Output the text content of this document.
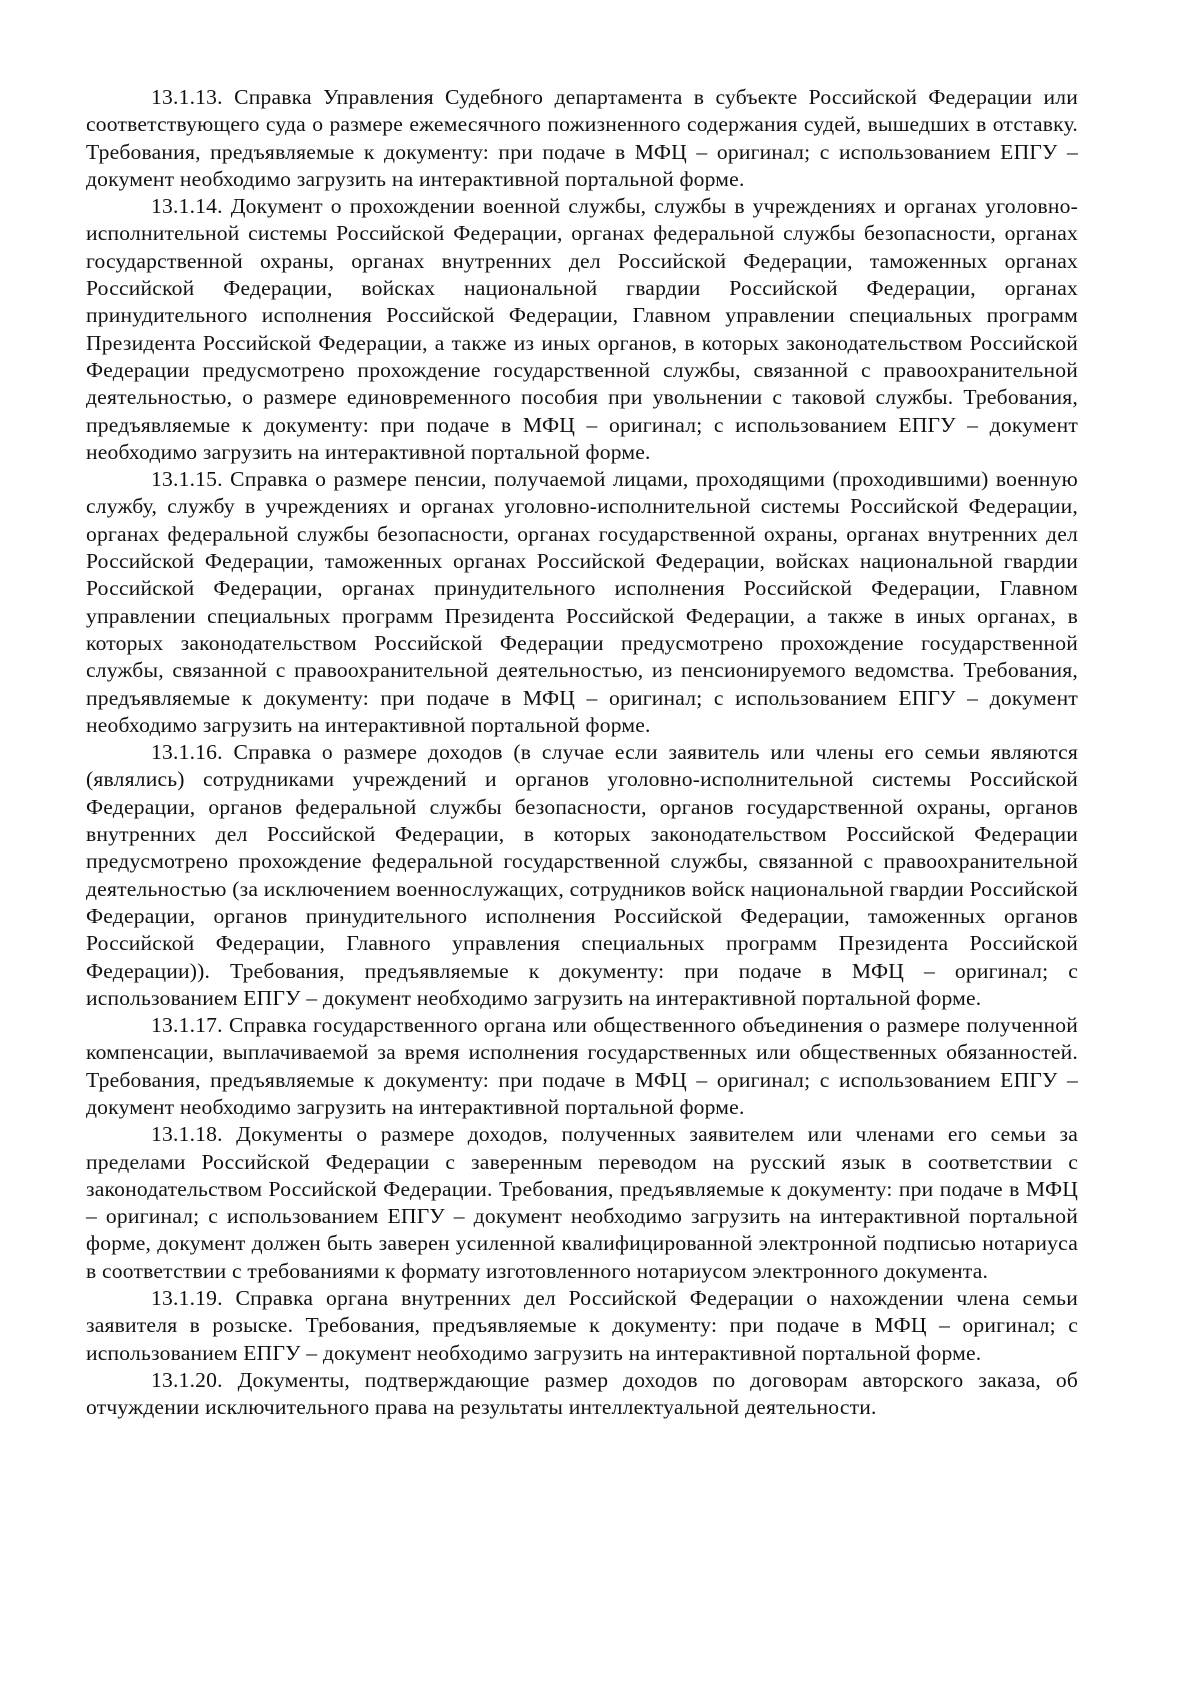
13.1.13. Справка Управления Судебного департамента в субъекте Российской Федерации или соответствующего суда о размере ежемесячного пожизненного содержания судей, вышедших в отставку. Требования, предъявляемые к документу: при подаче в МФЦ – оригинал; с использованием ЕПГУ – документ необходимо загрузить на интерактивной портальной форме.

13.1.14. Документ о прохождении военной службы, службы в учреждениях и органах уголовно-исполнительной системы Российской Федерации, органах федеральной службы безопасности, органах государственной охраны, органах внутренних дел Российской Федерации, таможенных органах Российской Федерации, войсках национальной гвардии Российской Федерации, органах принудительного исполнения Российской Федерации, Главном управлении специальных программ Президента Российской Федерации, а также из иных органов, в которых законодательством Российской Федерации предусмотрено прохождение государственной службы, связанной с правоохранительной деятельностью, о размере единовременного пособия при увольнении с таковой службы. Требования, предъявляемые к документу: при подаче в МФЦ – оригинал; с использованием ЕПГУ – документ необходимо загрузить на интерактивной портальной форме.

13.1.15. Справка о размере пенсии, получаемой лицами, проходящими (проходившими) военную службу, службу в учреждениях и органах уголовно-исполнительной системы Российской Федерации, органах федеральной службы безопасности, органах государственной охраны, органах внутренних дел Российской Федерации, таможенных органах Российской Федерации, войсках национальной гвардии Российской Федерации, органах принудительного исполнения Российской Федерации, Главном управлении специальных программ Президента Российской Федерации, а также в иных органах, в которых законодательством Российской Федерации предусмотрено прохождение государственной службы, связанной с правоохранительной деятельностью, из пенсионируемого ведомства. Требования, предъявляемые к документу: при подаче в МФЦ – оригинал; с использованием ЕПГУ – документ необходимо загрузить на интерактивной портальной форме.

13.1.16. Справка о размере доходов (в случае если заявитель или члены его семьи являются (являлись) сотрудниками учреждений и органов уголовно-исполнительной системы Российской Федерации, органов федеральной службы безопасности, органов государственной охраны, органов внутренних дел Российской Федерации, в которых законодательством Российской Федерации предусмотрено прохождение федеральной государственной службы, связанной с правоохранительной деятельностью (за исключением военнослужащих, сотрудников войск национальной гвардии Российской Федерации, органов принудительного исполнения Российской Федерации, таможенных органов Российской Федерации, Главного управления специальных программ Президента Российской Федерации)). Требования, предъявляемые к документу: при подаче в МФЦ – оригинал; с использованием ЕПГУ – документ необходимо загрузить на интерактивной портальной форме.

13.1.17. Справка государственного органа или общественного объединения о размере полученной компенсации, выплачиваемой за время исполнения государственных или общественных обязанностей. Требования, предъявляемые к документу: при подаче в МФЦ – оригинал; с использованием ЕПГУ – документ необходимо загрузить на интерактивной портальной форме.

13.1.18. Документы о размере доходов, полученных заявителем или членами его семьи за пределами Российской Федерации с заверенным переводом на русский язык в соответствии с законодательством Российской Федерации. Требования, предъявляемые к документу: при подаче в МФЦ – оригинал; с использованием ЕПГУ – документ необходимо загрузить на интерактивной портальной форме, документ должен быть заверен усиленной квалифицированной электронной подписью нотариуса в соответствии с требованиями к формату изготовленного нотариусом электронного документа.

13.1.19. Справка органа внутренних дел Российской Федерации о нахождении члена семьи заявителя в розыске. Требования, предъявляемые к документу: при подаче в МФЦ – оригинал; с использованием ЕПГУ – документ необходимо загрузить на интерактивной портальной форме.

13.1.20. Документы, подтверждающие размер доходов по договорам авторского заказа, об отчуждении исключительного права на результаты интеллектуальной деятельности.
